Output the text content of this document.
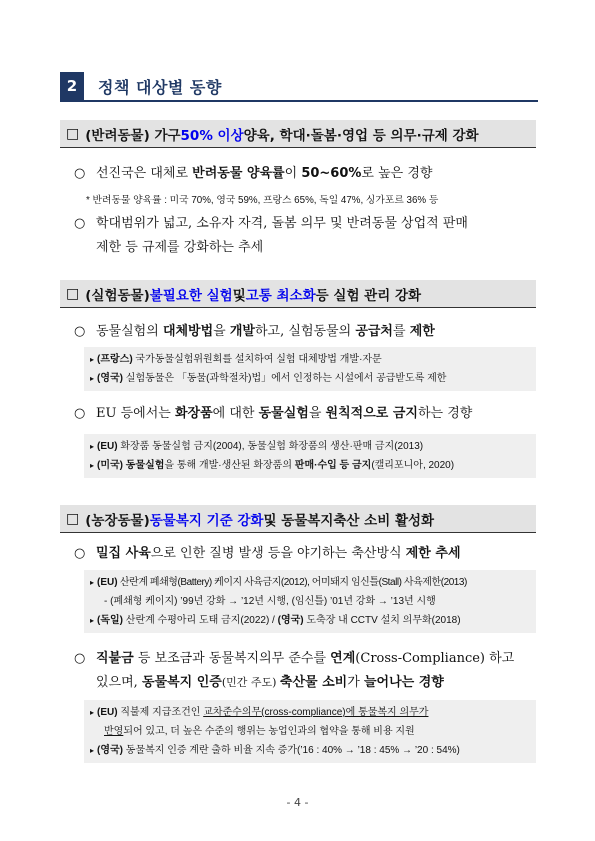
2	정책 대상별 동향
□ (반려동물) 가구 50% 이상 양육, 학대·돌봄·영업 등 의무·규제 강화
○ 선진국은 대체로 반려동물 양육률이 50~60%로 높은 경향
* 반려동물 양육률 : 미국 70%, 영국 59%, 프랑스 65%, 독일 47%, 싱가포르 36% 등
○ 학대범위가 넓고, 소유자 자격, 돌봄 의무 및 반려동물 상업적 판매
제한 등 규제를 강화하는 추세
□ (실험동물) 불필요한 실험 및 고통 최소화 등 실험 관리 강화
○ 동물실험의 대체방법을 개발하고, 실험동물의 공급처를 제한
▸ (프랑스) 국가동물실험위원회를 설치하여 실험 대체방법 개발·자문
▸ (영국) 실험동물은 「동물(과학절차)법」에서 인정하는 시설에서 공급받도록 제한
○ EU 등에서는 화장품에 대한 동물실험을 원칙적으로 금지하는 경향
▸ (EU) 화장품 동물실험 금지(2004), 동물실험 화장품의 생산·판매 금지(2013)
▸ (미국) 동물실험을 통해 개발·생산된 화장품의 판매·수입 등 금지(캘리포니아, 2020)
□ (농장동물) 동물복지 기준 강화 및 동물복지축산 소비 활성화
○ 밀집 사육으로 인한 질병 발생 등을 야기하는 축산방식 제한 추세
▸ (EU) 산란계 폐쇄형(Battery) 케이지 사육금지(2012), 어미돼지 임신틀(Stall) 사육제한(2013)
- (폐쇄형 케이지) ’99년 강화 → ’12년 시행, (임신틀) ’01년 강화 → ’13년 시행
▸ (독일) 산란계 수평아리 도태 금지(2022) / (영국) 도축장 내 CCTV 설치 의무화(2018)
○ 직불금 등 보조금과 동물복지의무 준수를 연계(Cross-Compliance) 하고
있으며, 동물복지 인증(민간 주도) 축산물 소비가 늘어나는 경향
▸ (EU) 직불제 지급조건인 교차준수의무(cross-compliance)에 통물복지 의무가
반영되어 있고, 더 높은 수준의 행위는 농업인과의 협약을 통해 비용 지원
▸ (영국) 동물복지 인증 계란 출하 비율 지속 증가(’16 : 40% → ’18 : 45% → ’20 : 54%)
- 4 -
